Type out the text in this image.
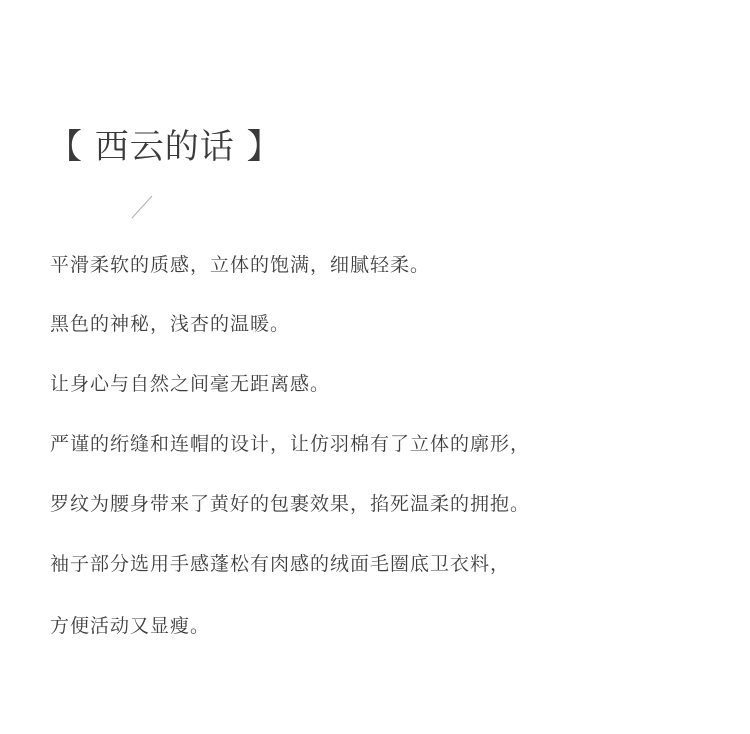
【 西云的话 】
平滑柔软的质感，立体的饱满，细腻轻柔。
黑色的神秘，浅杏的温暖。
让身心与自然之间毫无距离感。
严谨的绗缝和连帽的设计，让仿羽棉有了立体的廓形，
罗纹为腰身带来了黄好的包裹效果，掐死温柔的拥抱。
袖子部分选用手感蓬松有肉感的绒面毛圈底卫衣料，
方便活动又显瘦。
